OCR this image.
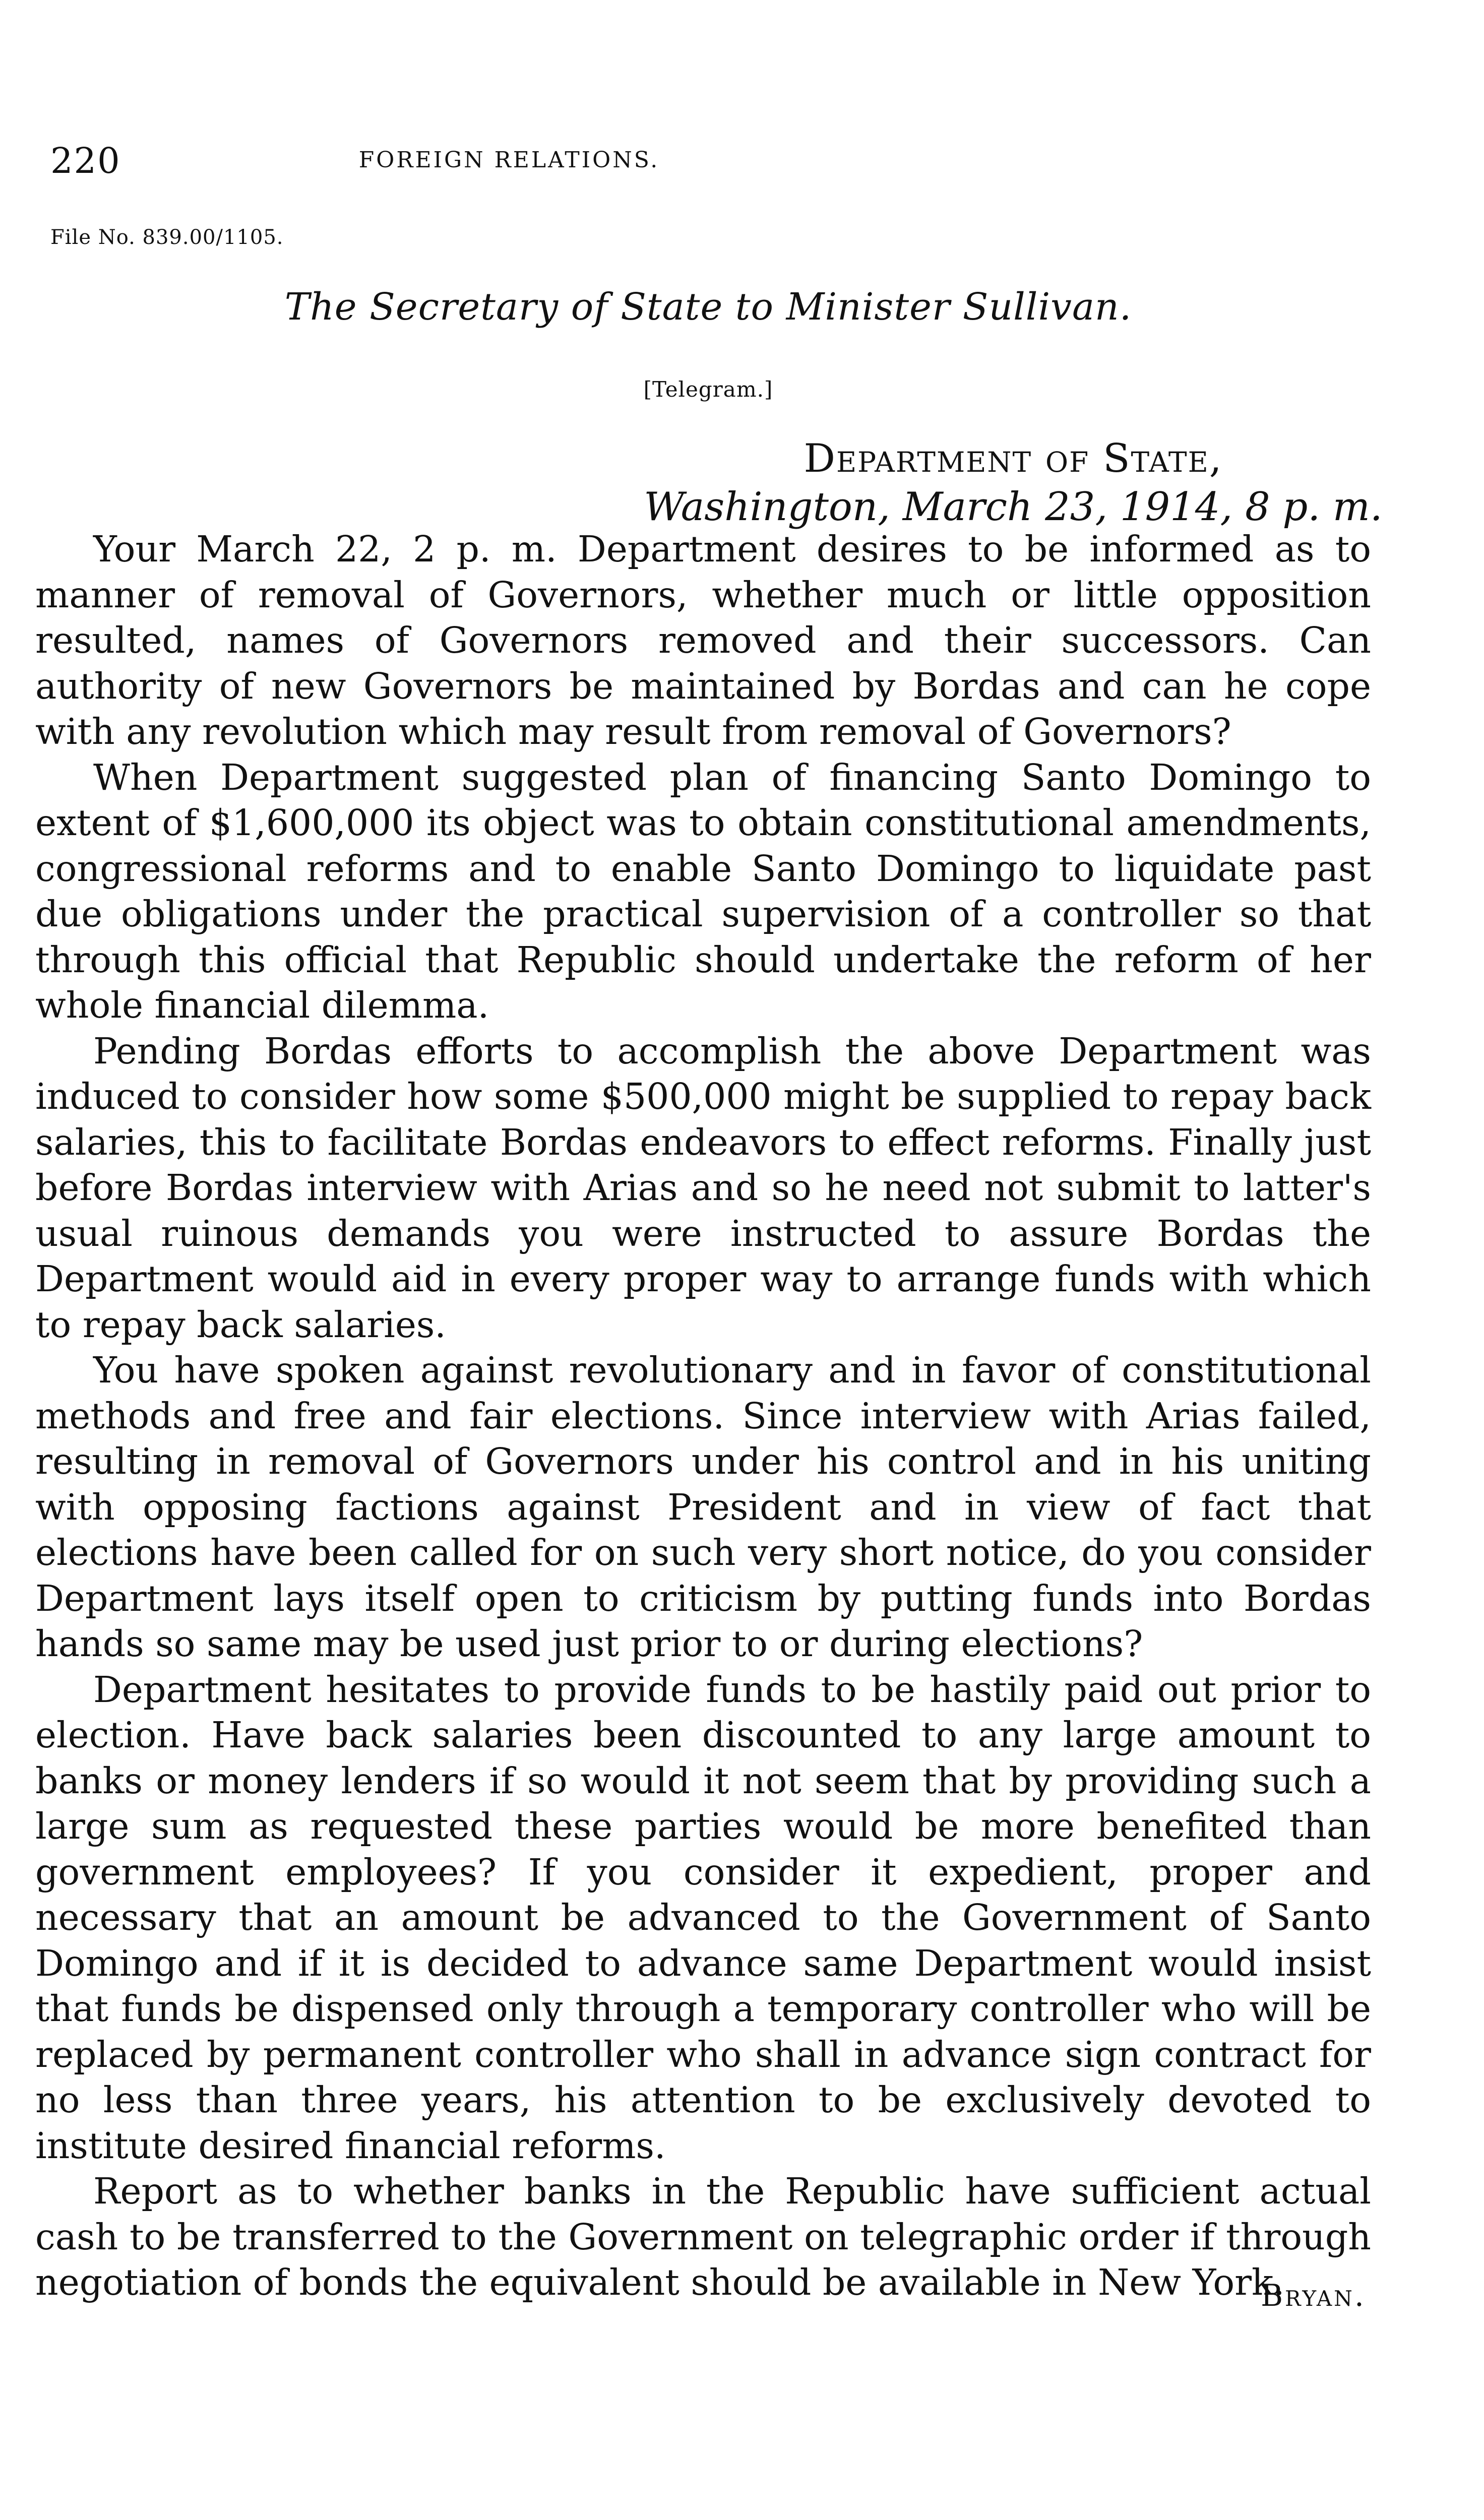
220	FOREIGN RELATIONS.
File No. 839.00/1105.
The Secretary of State to Minister Sullivan.
[Telegram.]
Department of State,
Washington, March 23, 1914, 8 p. m.

Your March 22, 2 p. m. Department desires to be informed as to manner of removal of Governors, whether much or little opposition resulted, names of Governors removed and their successors. Can authority of new Governors be maintained by Bordas and can he cope with any revolution which may result from removal of Governors?

When Department suggested plan of financing Santo Domingo to extent of $1,600,000 its object was to obtain constitutional amendments, congressional reforms and to enable Santo Domingo to liquidate past due obligations under the practical supervision of a controller so that through this official that Republic should undertake the reform of her whole financial dilemma.

Pending Bordas efforts to accomplish the above Department was induced to consider how some $500,000 might be supplied to repay back salaries, this to facilitate Bordas endeavors to effect reforms. Finally just before Bordas interview with Arias and so he need not submit to latter's usual ruinous demands you were instructed to assure Bordas the Department would aid in every proper way to arrange funds with which to repay back salaries.

You have spoken against revolutionary and in favor of constitutional methods and free and fair elections. Since interview with Arias failed, resulting in removal of Governors under his control and in his uniting with opposing factions against President and in view of fact that elections have been called for on such very short notice, do you consider Department lays itself open to criticism by putting funds into Bordas hands so same may be used just prior to or during elections?

Department hesitates to provide funds to be hastily paid out prior to election. Have back salaries been discounted to any large amount to banks or money lenders if so would it not seem that by providing such a large sum as requested these parties would be more benefited than government employees? If you consider it expedient, proper and necessary that an amount be advanced to the Government of Santo Domingo and if it is decided to advance same Department would insist that funds be dispensed only through a temporary controller who will be replaced by permanent controller who shall in advance sign contract for no less than three years, his attention to be exclusively devoted to institute desired financial reforms.

Report as to whether banks in the Republic have sufficient actual cash to be transferred to the Government on telegraphic order if through negotiation of bonds the equivalent should be available in New York.

Bryan.
